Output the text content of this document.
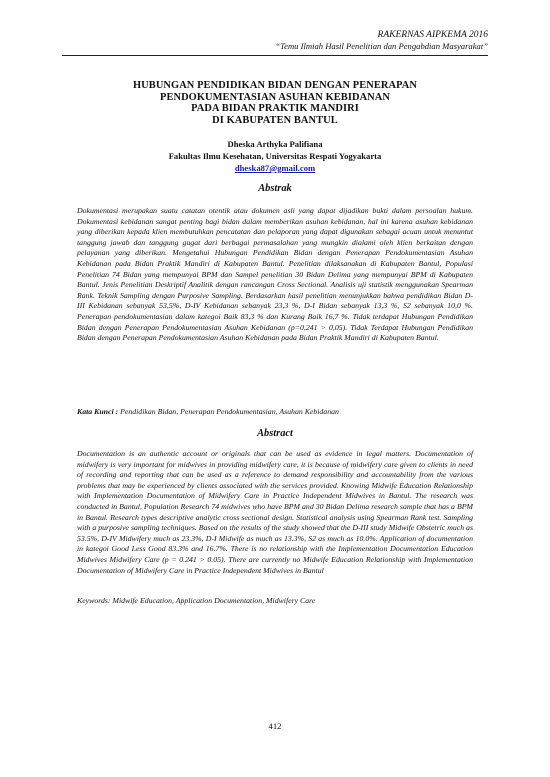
RAKERNAS AIPKEMA 2016
“Temu Ilmiah Hasil Penelitian dan Pengabdian Masyarakat”
HUBUNGAN PENDIDIKAN BIDAN DENGAN PENERAPAN
PENDOKUMENTASIAN ASUHAN KEBIDANAN
PADA BIDAN PRAKTIK MANDIRI
DI KABUPATEN BANTUL
Dheska Arthyka Palifiana
Fakultas Ilmu Kesehatan, Universitas Respati Yogyakarta
dheska87@gmail.com
Abstrak

Dokumentasi merupakan suatu catatan otentik atau dokumen asli yang dapat dijadikan bukti dalam persoalan hukum. Dokumentasi kebidanan sangat penting bagi bidan dalam memberikan asuhan kebidanan, hal ini karena asuhan kebidanan yang diberikan kepada klien membutuhkan pencatatan dan pelaporan yang dapat digunakan sebagai acuan untuk menuntut tanggung jawab dan tanggung gugat dari berbagai permasalahan yang mungkin dialami oleh klien berkaitan dengan pelayanan yang diberikan. Mengetahui Hubungan Pendidikan Bidan dengan Penerapan Pendokumentasian Asuhan Kebidanan pada Bidan Praktik Mandiri di Kabupaten Bantul. Penelitian dilaksanakan di Kabupaten Bantul, Populasi Penelitian 74 Bidan yang mempunyai BPM dan Sampel penelitian 30 Bidan Delima yang mempunyai BPM di Kabupaten Bantul. Jenis Penelitian Deskriptif Analitik dengan rancangan Cross Sectional. Analisis uji statistik menggunakan Spearman Rank. Teknik Sampling dengan Purposive Sampling. Berdasarkan hasil penelitian menunjukkan bahwa pendidikan Bidan D-III Kebidanan sebanyak 53,5%, D-IV Kebidanan sebanyak 23,3 %, D-I Bidan sebanyak 13,3 %, S2 sebanyak 10,0 %. Penerapan pendokumentasian dalam kategoi Baik 83,3 % dan Kurang Baik 16,7 %. Tidak terdapat Hubungan Pendidikan Bidan dengan Penerapan Pendokumentasian Asuhan Kebidanan (p=0,241 > 0,05). Tidak Terdapat Hubungan Pendidikan Bidan dengan Penerapan Pendokumentasian Asuhan Kebidanan pada Bidan Praktik Mandiri di Kabupaten Bantul.

Kata Kunci : Pendidikan Bidan, Penerapan Pendokumentasian, Asuhan Kebidanan
Abstract

Documentation is an authentic account or originals that can be used as evidence in legal matters. Documentation of midwifery is very important for midwives in providing midwifery care, it is because of midwifery care given to clients in need of recording and reporting that can be used as a reference to demand responsibility and accountability from the various problems that may be experienced by clients associated with the services provided. Knowing Midwife Education Relationship with Implementation Documentation of Midwifery Care in Practice Independent Midwives in Bantul. The research was conducted in Bantul, Population Research 74 midwives who have BPM and 30 Bidan Delima research sample that has a BPM in Bantul. Research types descriptive analytic cross sectional design. Statistical analysis using Spearman Rank test. Sampling with a purposive sampling techniques. Based on the results of the study showed that the D-III study Midwife Obstetric much as 53.5%, D-IV Midwifery much as 23.3%, D-I Midwife as much as 13.3%, S2 as much as 10.0%. Application of documentation in kategoi Good Less Good 83.3% and 16.7%. There is no relationship with the Implementation Documentation Education Midwives Midwifery Care (p = 0.241 > 0.05). There are currently no Midwife Education Relationship with Implementation Documentation of Midwifery Care in Practice Independent Midwives in Bantul

Keywords: Midwife Education, Application Documentation, Midwifery Care
412
